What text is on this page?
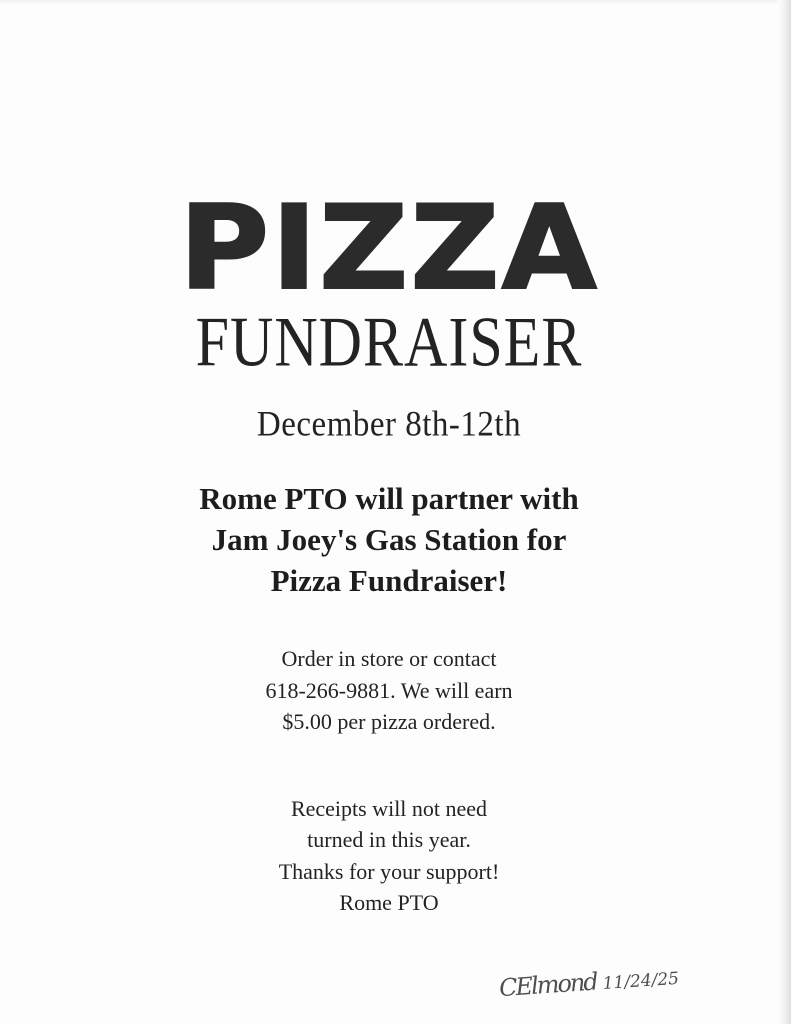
PIZZA
FUNDRAISER

December 8th-12th

Rome PTO will partner with
Jam Joey's Gas Station for
Pizza Fundraiser!

Order in store or contact
618-266-9881. We will earn
$5.00 per pizza ordered.

Receipts will not need
turned in this year.
Thanks for your support!
Rome PTO

CElmond 11/24/25
